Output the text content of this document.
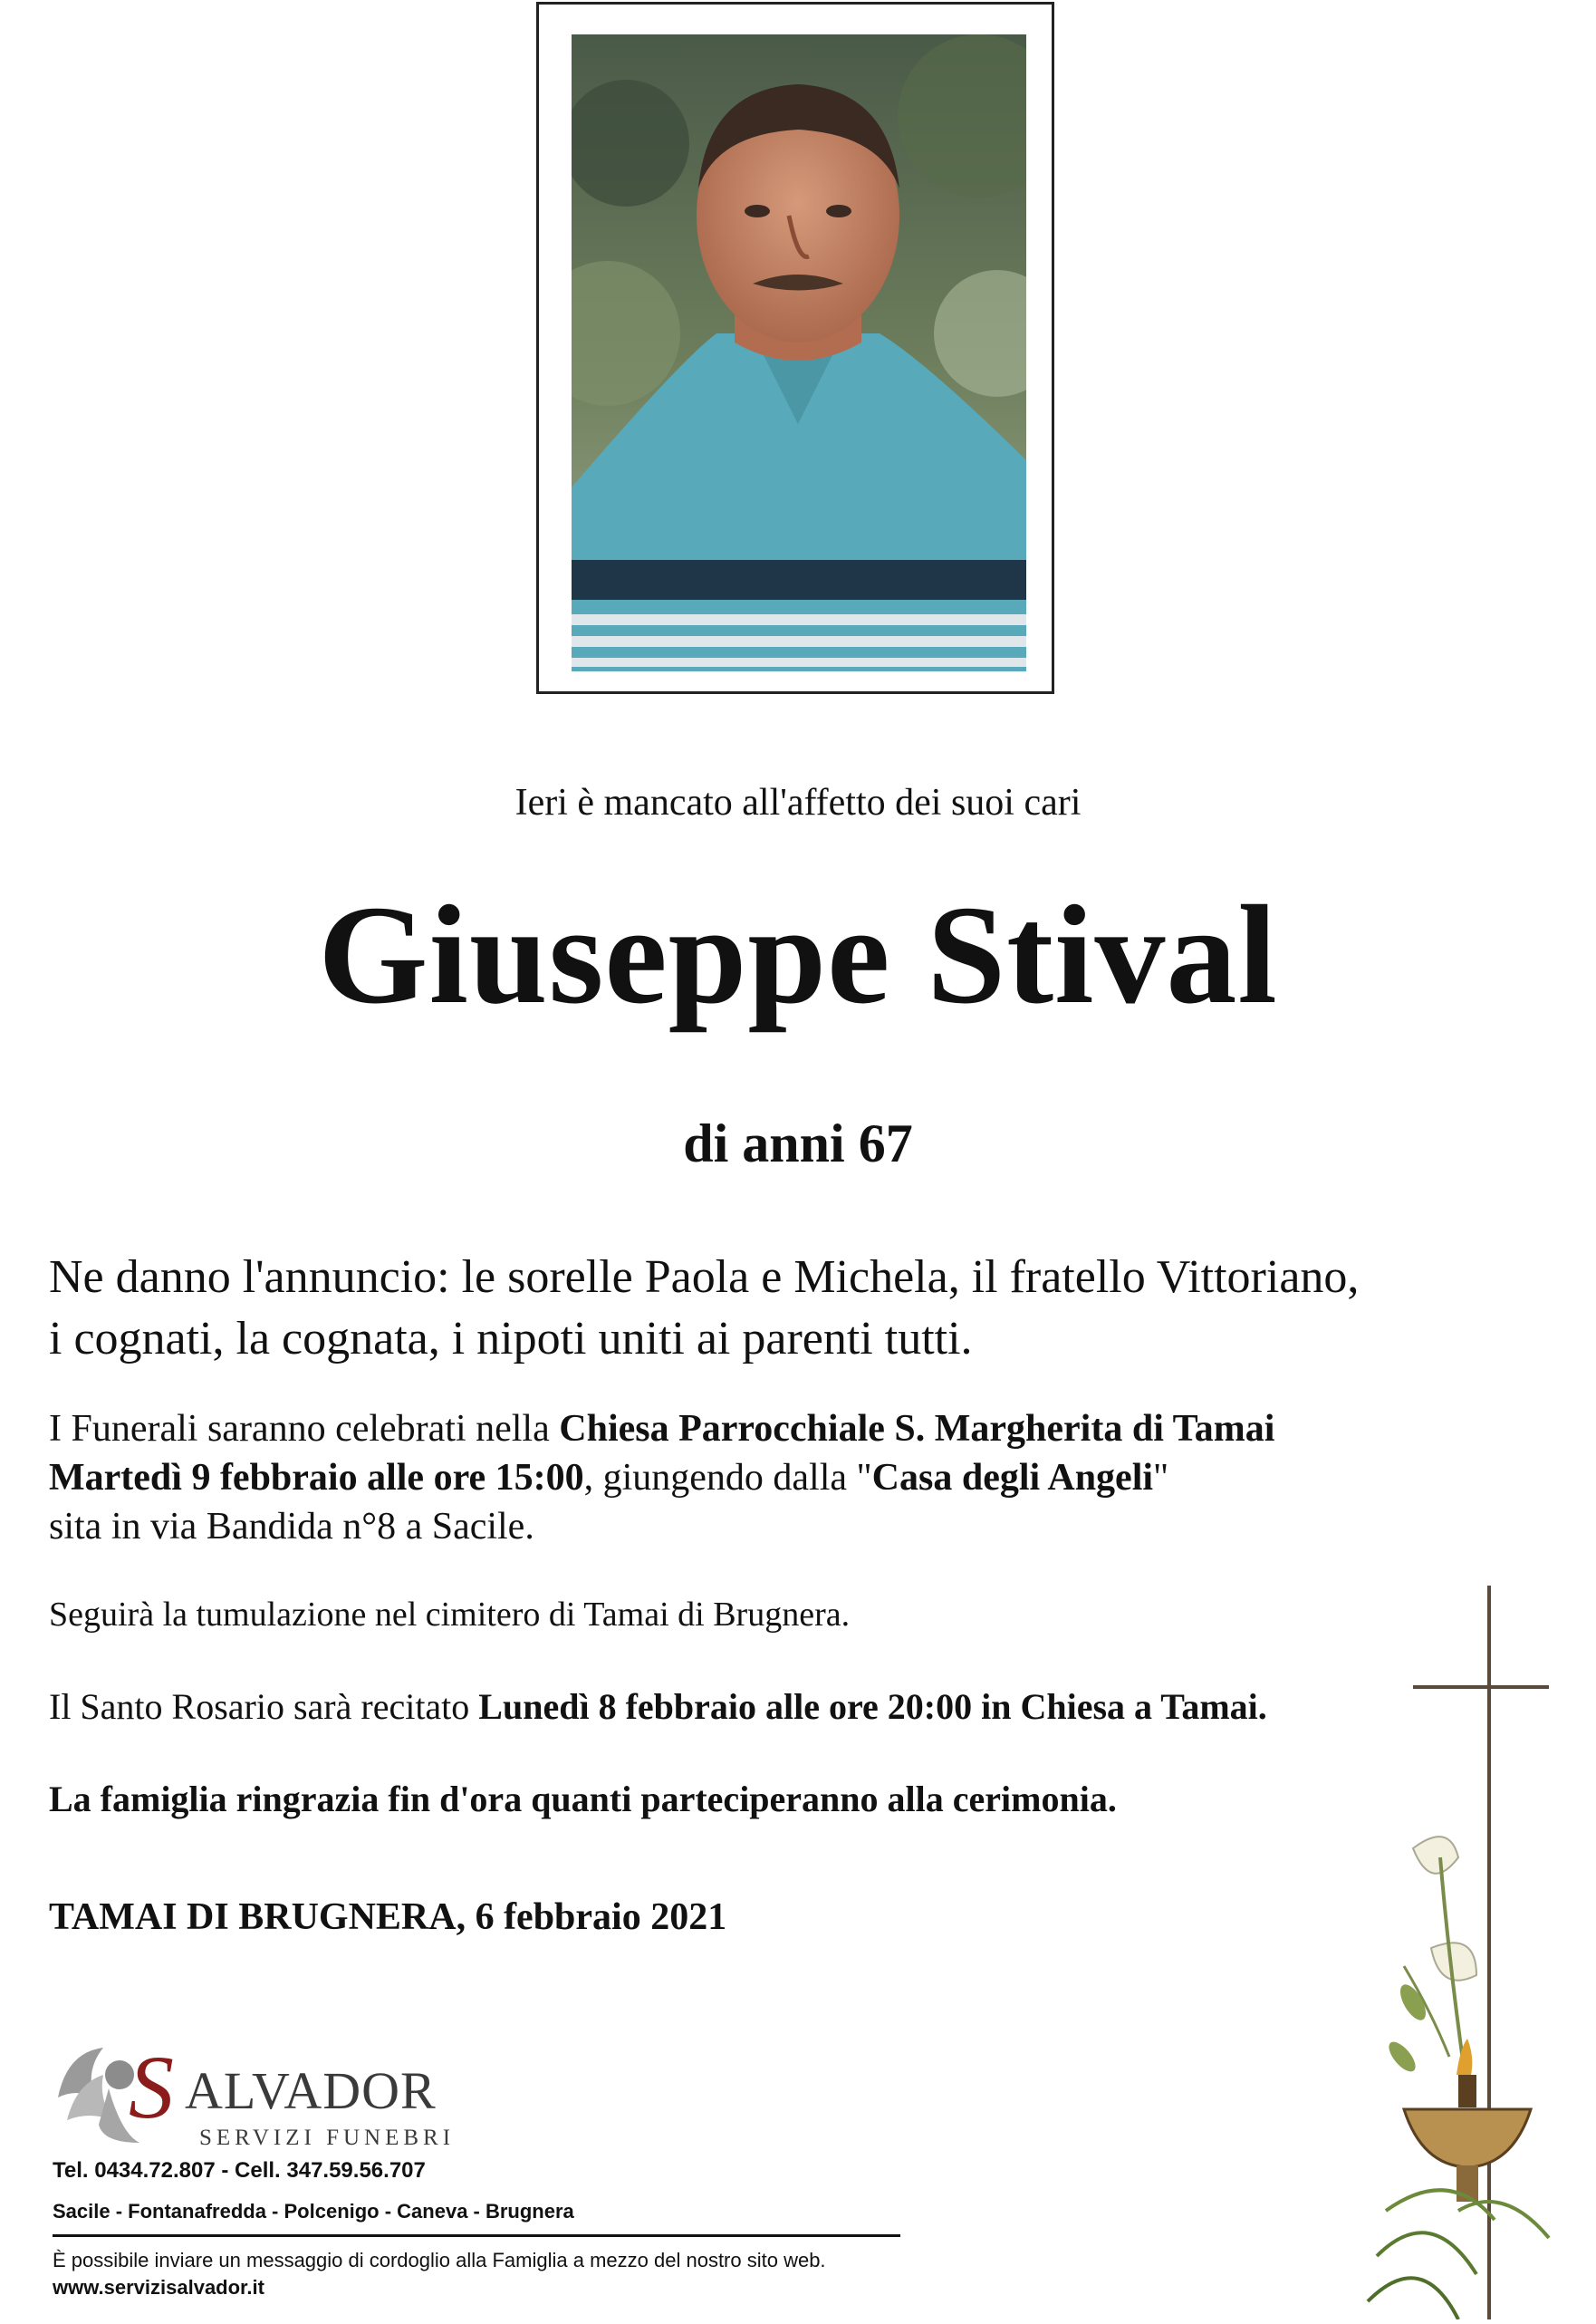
Ieri è mancato all'affetto dei suoi cari
Giuseppe Stival
di anni 67
Ne danno l'annuncio: le sorelle Paola e Michela, il fratello Vittoriano,
i cognati, la cognata, i nipoti uniti ai parenti tutti.
I Funerali saranno celebrati nella Chiesa Parrocchiale S. Margherita di Tamai
Martedì 9 febbraio alle ore 15:00, giungendo dalla "Casa degli Angeli"
sita in via Bandida n°8 a Sacile.
Seguirà la tumulazione nel cimitero di Tamai di Brugnera.
Il Santo Rosario sarà recitato Lunedì 8 febbraio alle ore 20:00 in Chiesa a Tamai.
La famiglia ringrazia fin d'ora quanti parteciperanno alla cerimonia.
TAMAI DI BRUGNERA, 6 febbraio 2021
S ALVADOR
SERVIZI FUNEBRI
Tel. 0434.72.807 - Cell. 347.59.56.707
Sacile - Fontanafredda - Polcenigo - Caneva - Brugnera
È possibile inviare un messaggio di cordoglio alla Famiglia a mezzo del nostro sito web.
www.servizisalvador.it
